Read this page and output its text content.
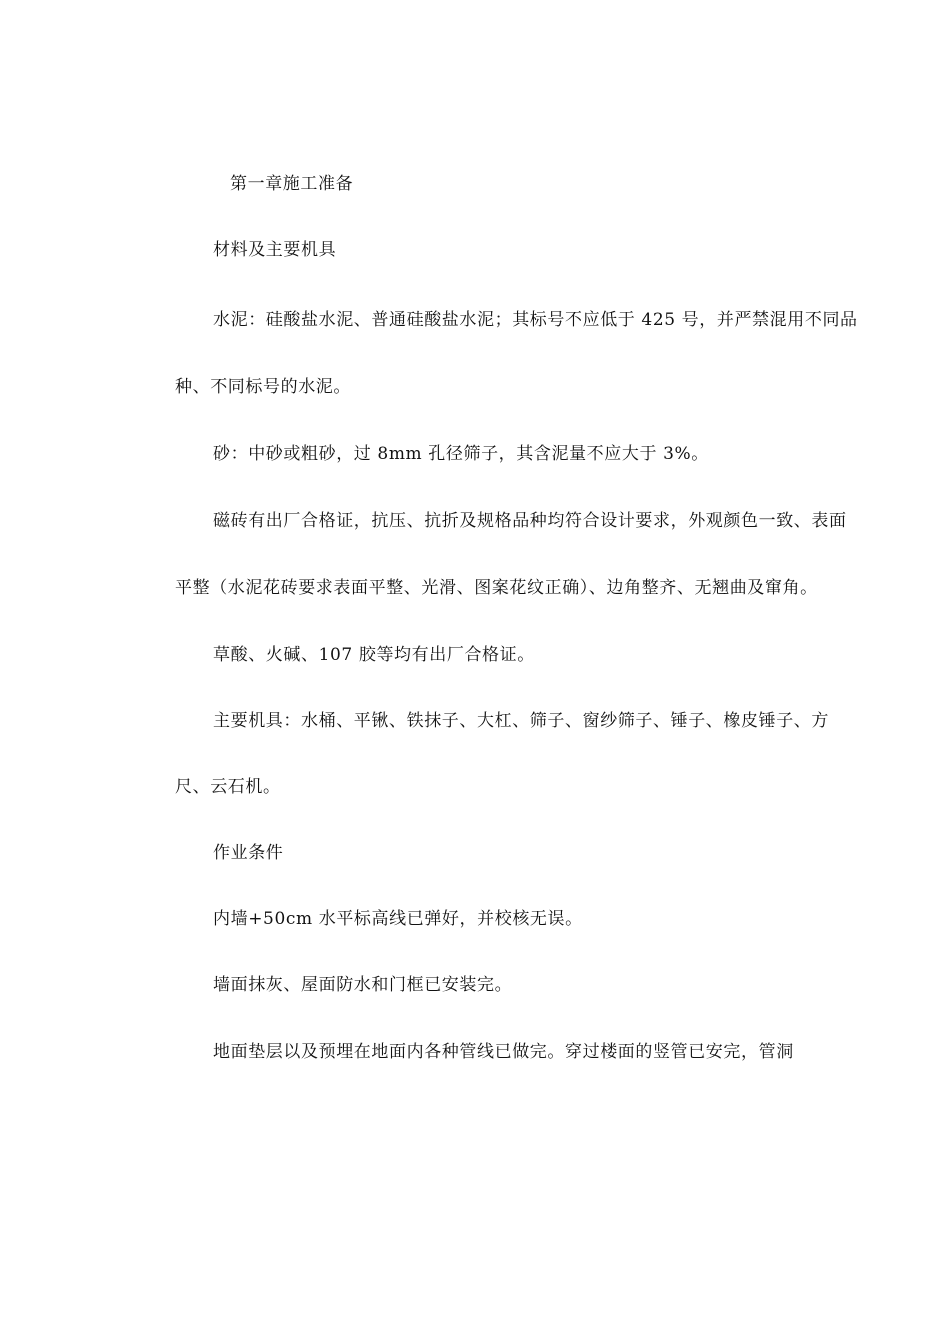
第一章施工准备
材料及主要机具
水泥：硅酸盐水泥、普通硅酸盐水泥；其标号不应低于 425 号，并严禁混用不同品
种、不同标号的水泥。
砂：中砂或粗砂，过 8mm 孔径筛子，其含泥量不应大于 3%。
磁砖有出厂合格证，抗压、抗折及规格品种均符合设计要求，外观颜色一致、表面
平整（水泥花砖要求表面平整、光滑、图案花纹正确）、边角整齐、无翘曲及窜角。
草酸、火碱、107 胶等均有出厂合格证。
主要机具：水桶、平锹、铁抹子、大杠、筛子、窗纱筛子、锤子、橡皮锤子、方
尺、云石机。
作业条件
内墙+50cm 水平标高线已弹好，并校核无误。
墙面抹灰、屋面防水和门框已安装完。
地面垫层以及预埋在地面内各种管线已做完。穿过楼面的竖管已安完，管洞
